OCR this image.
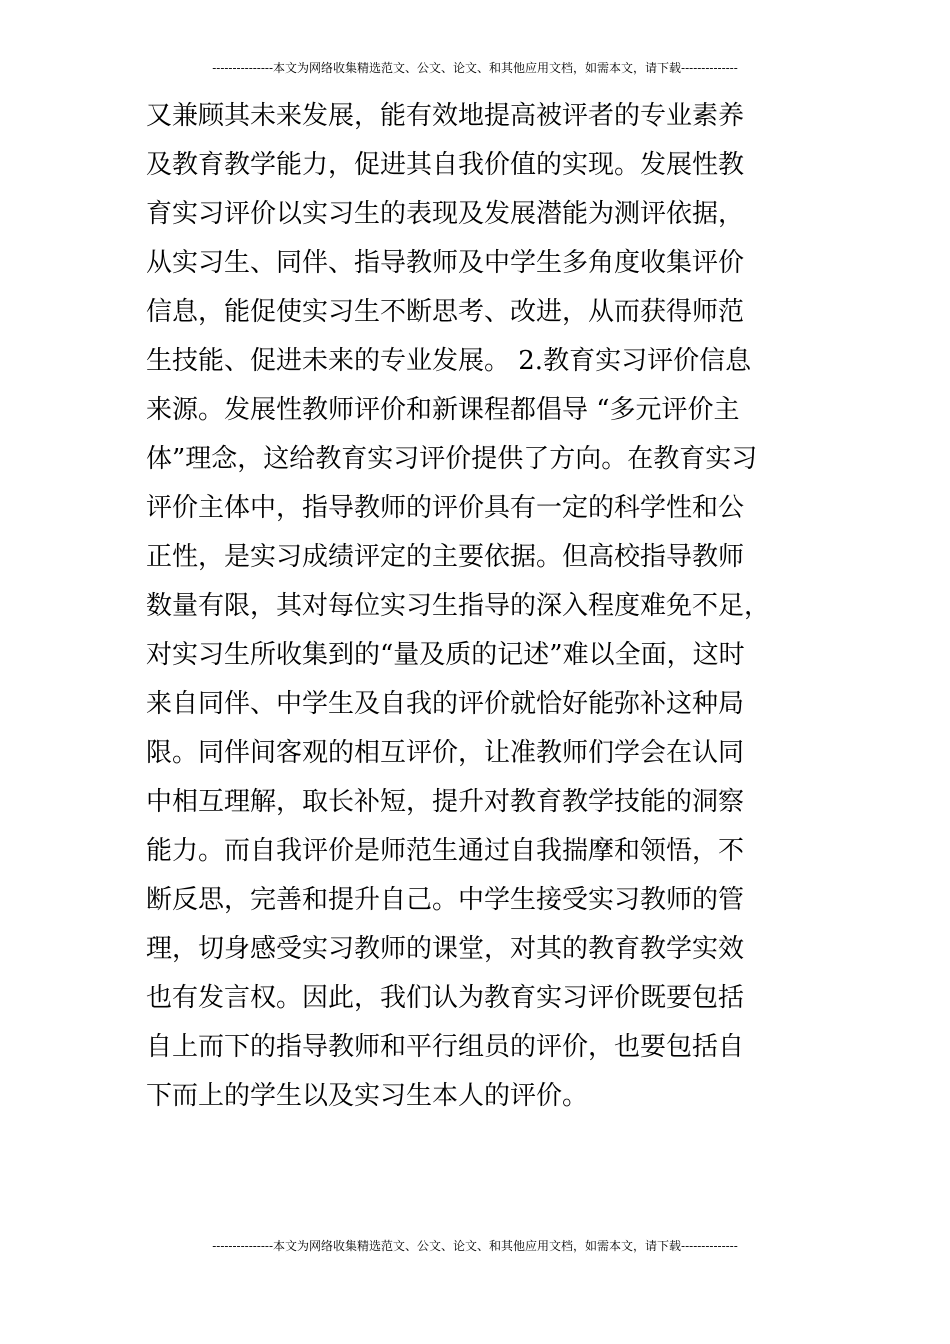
---------------本文为网络收集精选范文、公文、论文、和其他应用文档，如需本文，请下载--------------
又兼顾其未来发展，能有效地提高被评者的专业素养
及教育教学能力，促进其自我价值的实现。发展性教
育实习评价以实习生的表现及发展潜能为测评依据，
从实习生、同伴、指导教师及中学生多角度收集评价
信息，能促使实习生不断思考、改进，从而获得师范
生技能、促进未来的专业发展。 2.教育实习评价信息
来源。发展性教师评价和新课程都倡导 “多元评价主
体”理念，这给教育实习评价提供了方向。在教育实习
评价主体中，指导教师的评价具有一定的科学性和公
正性，是实习成绩评定的主要依据。但高校指导教师
数量有限，其对每位实习生指导的深入程度难免不足，
对实习生所收集到的“量及质的记述”难以全面，这时
来自同伴、中学生及自我的评价就恰好能弥补这种局
限。同伴间客观的相互评价，让准教师们学会在认同
中相互理解，取长补短，提升对教育教学技能的洞察
能力。而自我评价是师范生通过自我揣摩和领悟，不
断反思，完善和提升自己。中学生接受实习教师的管
理，切身感受实习教师的课堂，对其的教育教学实效
也有发言权。因此，我们认为教育实习评价既要包括
自上而下的指导教师和平行组员的评价，也要包括自
下而上的学生以及实习生本人的评价。
---------------本文为网络收集精选范文、公文、论文、和其他应用文档，如需本文，请下载--------------
